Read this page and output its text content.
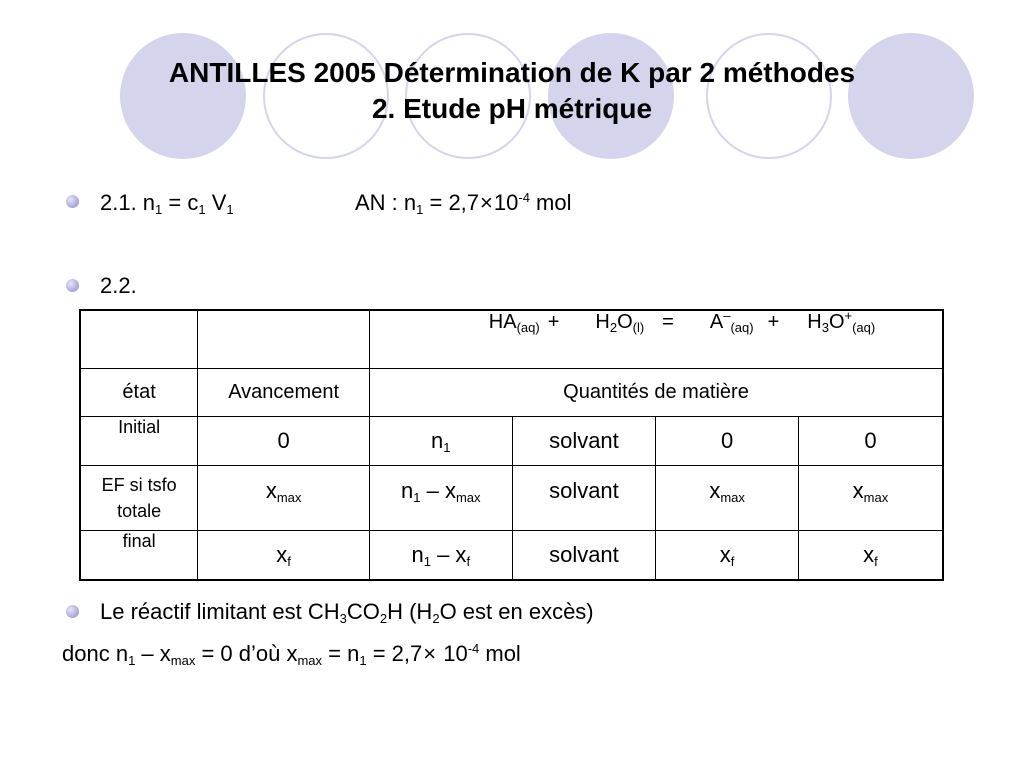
ANTILLES 2005 Détermination de K par 2 méthodes
2. Etude pH métrique
2.1. $n_1 = c_1$ $V_1$	AN : $n_1 = 2,7\times 10^{-4}$ mol
2.2.
		$HA_{(aq)} + H_2O_{(l)} = A^-_{(aq)} + H_3O^+_{(aq)}$
état	Avancement	Quantités de matière			
Initial	0	$n_1$	solvant	0	0

EF si tsfo
totale	$x_{max}$	$n_1 - x_{max}$	solvant	$x_{max}$	$x_{max}$
final	$x_f$	$n_1 - x_f$	solvant	$x_f$	$x_f$
Le réactif limitant est $CH_3CO_2H$ ($H_2O$ est en excès)
donc $n_1 - x_{max} = 0$ d’où $x_{max} = n_1 = 2,7\times 10^{-4}$ mol
